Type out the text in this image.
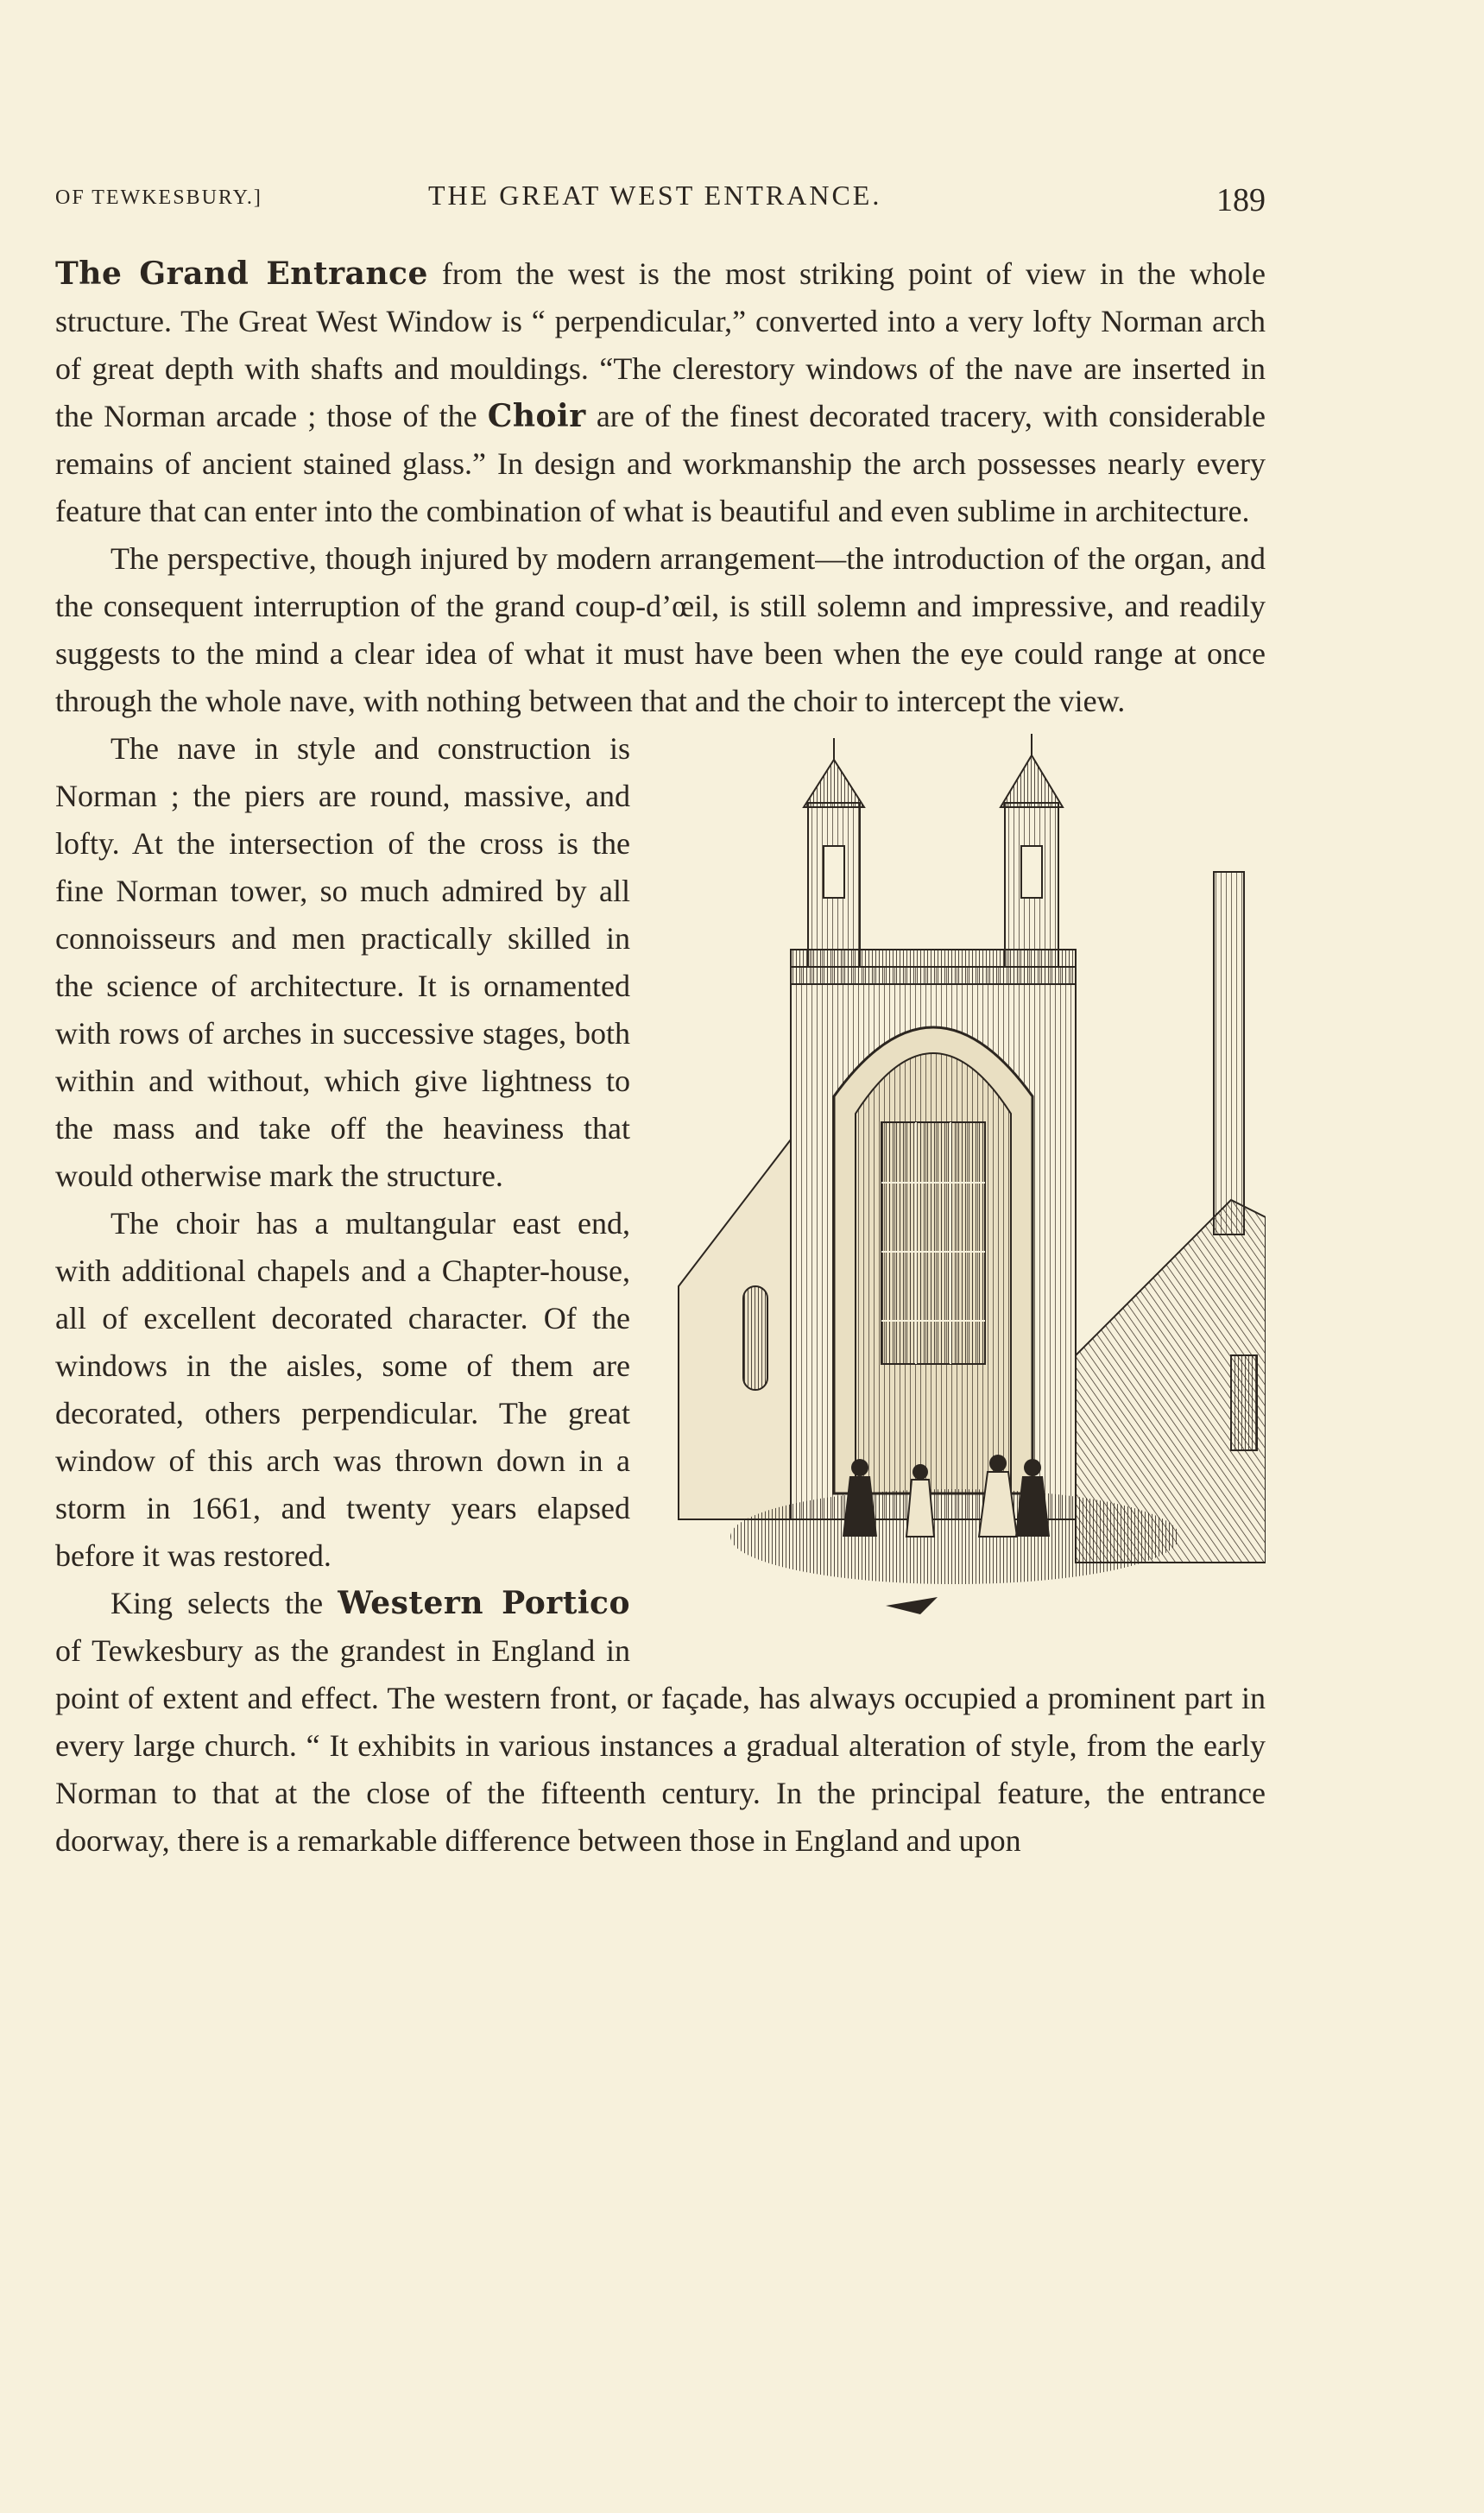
OF TEWKESBURY.]	THE GREAT WEST ENTRANCE.	189

The Grand Entrance from the west is the most striking point of view in the whole structure. The Great West Window is “ perpendicular,” converted into a very lofty Norman arch of great depth with shafts and mouldings. “The clerestory windows of the nave are inserted in the Norman arcade ; those of the Choir are of the finest decorated tracery, with considerable remains of ancient stained glass.” In design and workmanship the arch possesses nearly every feature that can enter into the combination of what is beautiful and even sublime in architecture.

The perspective, though injured by modern arrangement—the introduction of the organ, and the consequent interruption of the grand coup-d’œil, is still solemn and impressive, and readily suggests to the mind a clear idea of what it must have been when the eye could range at once through the whole nave, with nothing between that and the choir to intercept the view.

The nave in style and construction is Norman ; the piers are round, massive, and lofty. At the intersection of the cross is the fine Norman tower, so much admired by all connoisseurs and men practically skilled in the science of architecture. It is ornamented with rows of arches in successive stages, both within and without, which give lightness to the mass and take off the heaviness that would otherwise mark the structure.

The choir has a multangular east end, with additional chapels and a Chapter-house, all of excellent decorated character. Of the windows in the aisles, some of them are decorated, others perpendicular. The great window of this arch was thrown down in a storm in 1661, and twenty years elapsed before it was restored.

King selects the Western Portico of Tewkesbury as the grandest in England in point of extent and effect. The western front, or façade, has always occupied a prominent part in every large church. “ It exhibits in various instances a gradual alteration of style, from the early Norman to that at the close of the fifteenth century. In the principal feature, the entrance doorway, there is a remarkable difference between those in England and upon
